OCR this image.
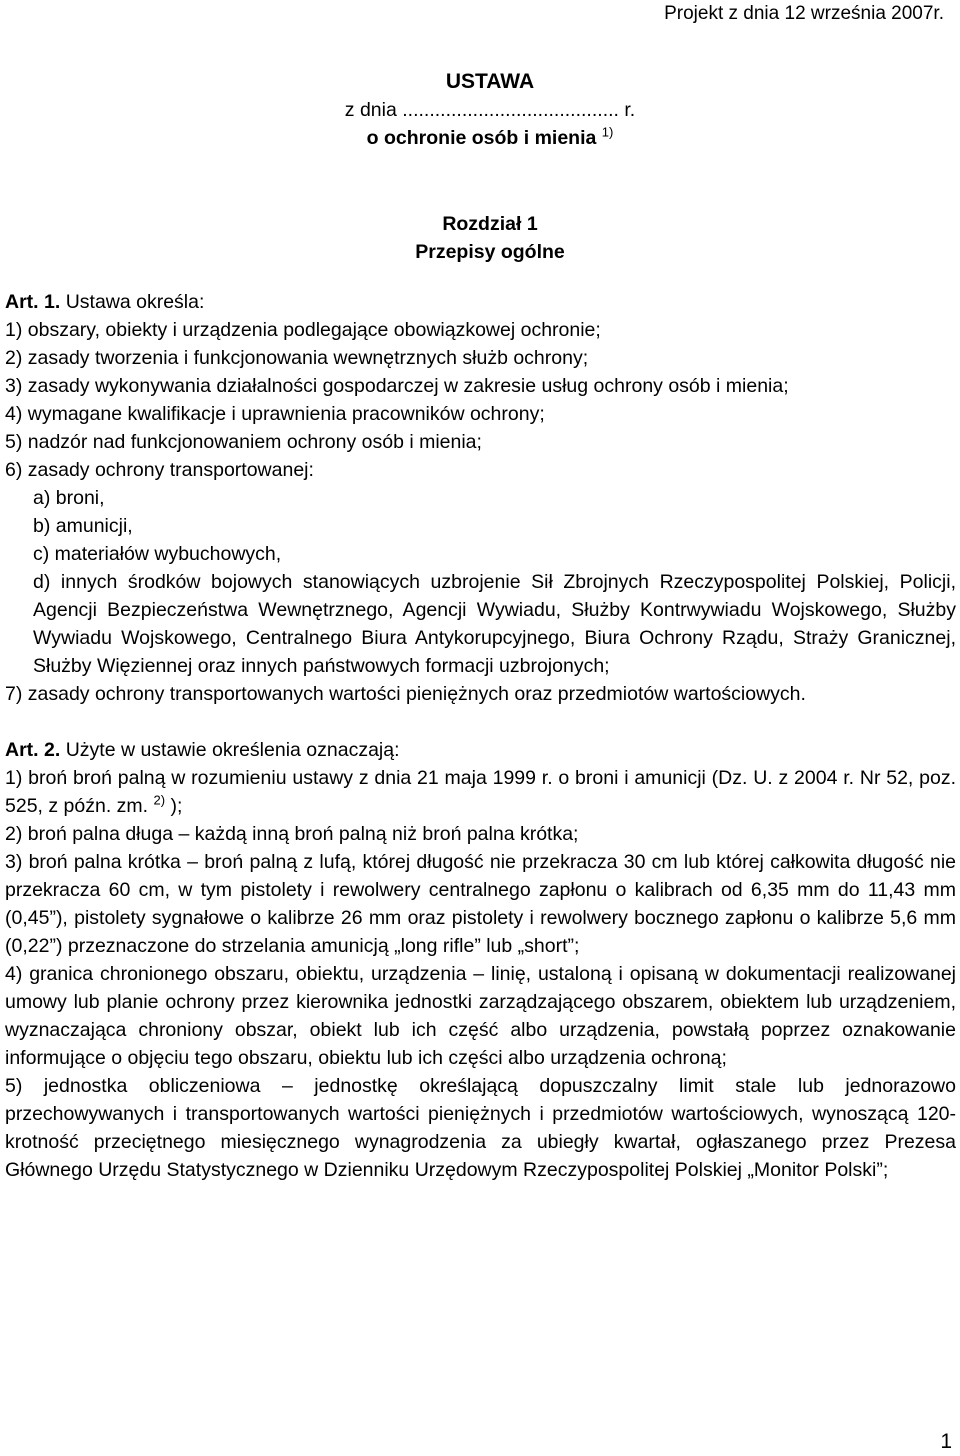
Projekt z dnia 12 września 2007r.
USTAWA
z dnia ........................................ r.
o ochronie osób i mienia $^{1)}$
Rozdział 1
Przepisy ogólne

Art. 1. Ustawa określa:

1) obszary, obiekty i urządzenia podlegające obowiązkowej ochronie;

2) zasady tworzenia i funkcjonowania wewnętrznych służb ochrony;

3) zasady wykonywania działalności gospodarczej w zakresie usług ochrony osób i mienia;

4) wymagane kwalifikacje i uprawnienia pracowników ochrony;

5) nadzór nad funkcjonowaniem ochrony osób i mienia;

6) zasady ochrony transportowanej:

a) broni,

b) amunicji,

c) materiałów wybuchowych,

d) innych środków bojowych stanowiących uzbrojenie Sił Zbrojnych Rzeczypospolitej Polskiej, Policji, Agencji Bezpieczeństwa Wewnętrznego, Agencji Wywiadu, Służby Kontrwywiadu Wojskowego, Służby Wywiadu Wojskowego, Centralnego Biura Antykorupcyjnego, Biura Ochrony Rządu, Straży Granicznej, Służby Więziennej oraz innych państwowych formacji uzbrojonych;

7) zasady ochrony transportowanych wartości pieniężnych oraz przedmiotów wartościowych.

Art. 2. Użyte w ustawie określenia oznaczają:

1) broń broń palną w rozumieniu ustawy z dnia 21 maja 1999 r. o broni i amunicji (Dz. U. z 2004 r. Nr 52, poz. 525, z późn. zm. $^{2)}$ );

2) broń palna długa – każdą inną broń palną niż broń palna krótka;

3) broń palna krótka – broń palną z lufą, której długość nie przekracza 30 cm lub której całkowita długość nie przekracza 60 cm, w tym pistolety i rewolwery centralnego zapłonu o kalibrach od 6,35 mm do 11,43 mm (0,45”), pistolety sygnałowe o kalibrze 26 mm oraz pistolety i rewolwery bocznego zapłonu o kalibrze 5,6 mm (0,22”) przeznaczone do strzelania amunicją „long rifle” lub „short”;

4) granica chronionego obszaru, obiektu, urządzenia – linię, ustaloną i opisaną w dokumentacji realizowanej umowy lub planie ochrony przez kierownika jednostki zarządzającego obszarem, obiektem lub urządzeniem, wyznaczająca chroniony obszar, obiekt lub ich część albo urządzenia, powstałą poprzez oznakowanie informujące o objęciu tego obszaru, obiektu lub ich części albo urządzenia ochroną;

5) jednostka obliczeniowa – jednostkę określającą dopuszczalny limit stale lub jednorazowo przechowywanych i transportowanych wartości pieniężnych i przedmiotów wartościowych, wynoszącą 120-krotność przeciętnego miesięcznego wynagrodzenia za ubiegły kwartał, ogłaszanego przez Prezesa Głównego Urzędu Statystycznego w Dzienniku Urzędowym Rzeczypospolitej Polskiej „Monitor Polski”;

1
